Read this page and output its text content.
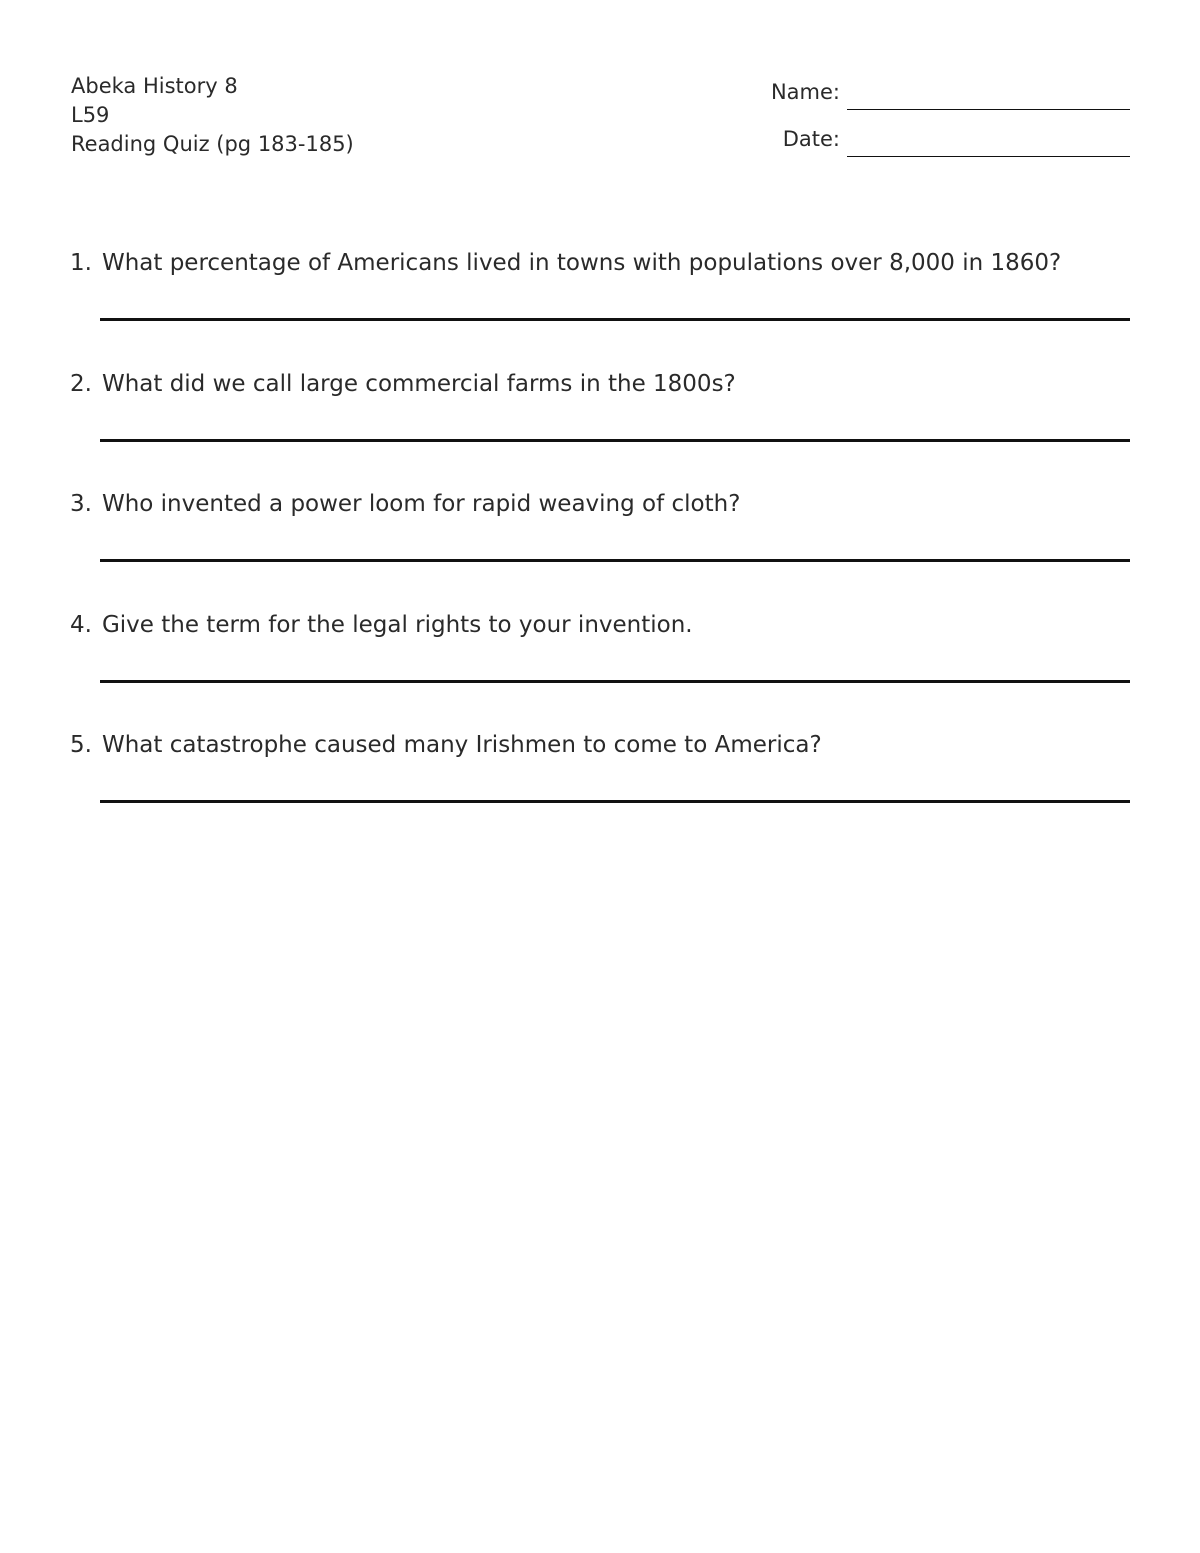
Abeka History 8
L59
Reading Quiz (pg 183-185)
Name:
Date:
1. What percentage of Americans lived in towns with populations over 8,000 in 1860?
2. What did we call large commercial farms in the 1800s?
3. Who invented a power loom for rapid weaving of cloth?
4. Give the term for the legal rights to your invention.
5. What catastrophe caused many Irishmen to come to America?
